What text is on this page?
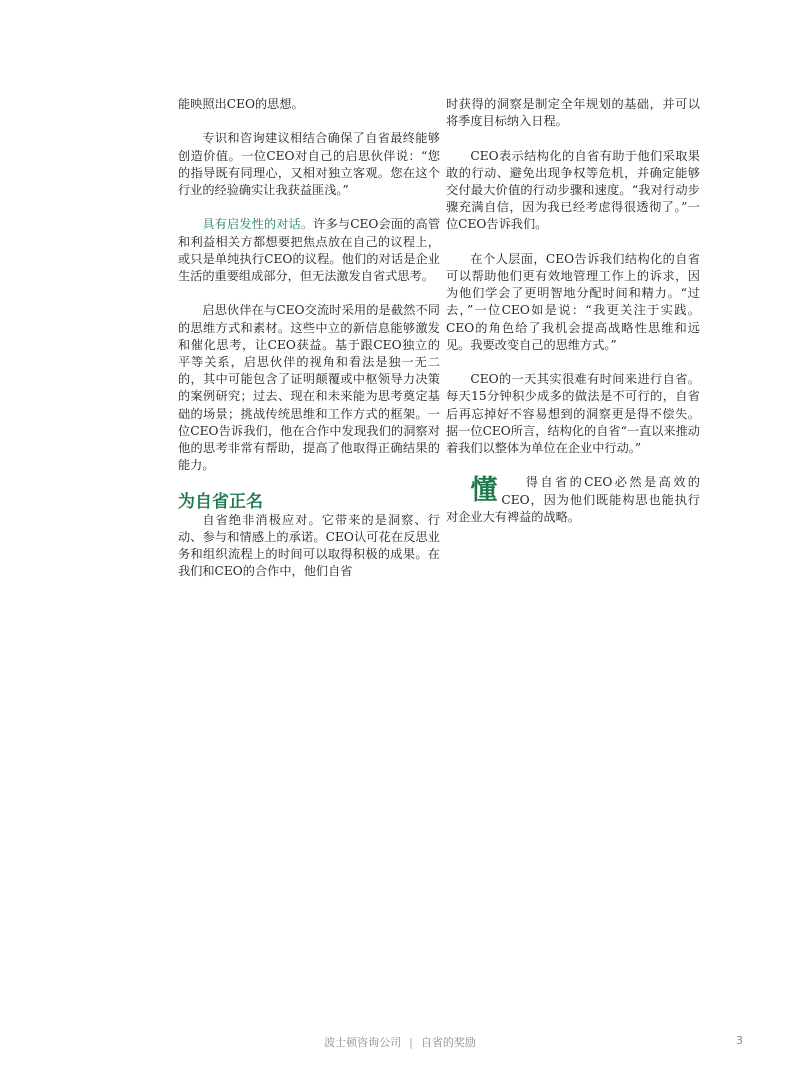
能映照出CEO的思想。

专识和咨询建议相结合确保了自省最终能够创造价值。一位CEO对自己的启思伙伴说：“您的指导既有同理心，又相对独立客观。您在这个行业的经验确实让我获益匪浅。”

具有启发性的对话。许多与CEO会面的高管和利益相关方都想要把焦点放在自己的议程上，或只是单纯执行CEO的议程。他们的对话是企业生活的重要组成部分，但无法激发自省式思考。

启思伙伴在与CEO交流时采用的是截然不同的思维方式和素材。这些中立的新信息能够激发和催化思考，让CEO获益。基于跟CEO独立的平等关系，启思伙伴的视角和看法是独一无二的，其中可能包含了证明颠覆或中枢领导力决策的案例研究；过去、现在和未来能为思考奠定基础的场景；挑战传统思维和工作方式的框架。一位CEO告诉我们，他在合作中发现我们的洞察对他的思考非常有帮助，提高了他取得正确结果的能力。

为自省正名

自省绝非消极应对。它带来的是洞察、行动、参与和情感上的承诺。CEO认可花在反思业务和组织流程上的时间可以取得积极的成果。在我们和CEO的合作中，他们自省

时获得的洞察是制定全年规划的基础，并可以将季度目标纳入日程。

CEO表示结构化的自省有助于他们采取果敢的行动、避免出现争权等危机，并确定能够交付最大价值的行动步骤和速度。“我对行动步骤充满自信，因为我已经考虑得很透彻了。”一位CEO告诉我们。

在个人层面，CEO告诉我们结构化的自省可以帮助他们更有效地管理工作上的诉求，因为他们学会了更明智地分配时间和精力。“过去，”一位CEO如是说：“我更关注于实践。CEO的角色给了我机会提高战略性思维和远见。我要改变自己的思维方式。”

CEO的一天其实很难有时间来进行自省。每天15分钟积少成多的做法是不可行的，自省后再忘掉好不容易想到的洞察更是得不偿失。据一位CEO所言，结构化的自省“一直以来推动着我们以整体为单位在企业中行动。”

懂 得自省的CEO必然是高效的CEO，因为他们既能构思也能执行对企业大有裨益的战略。

波士顿咨询公司 | 自省的奖励	3
